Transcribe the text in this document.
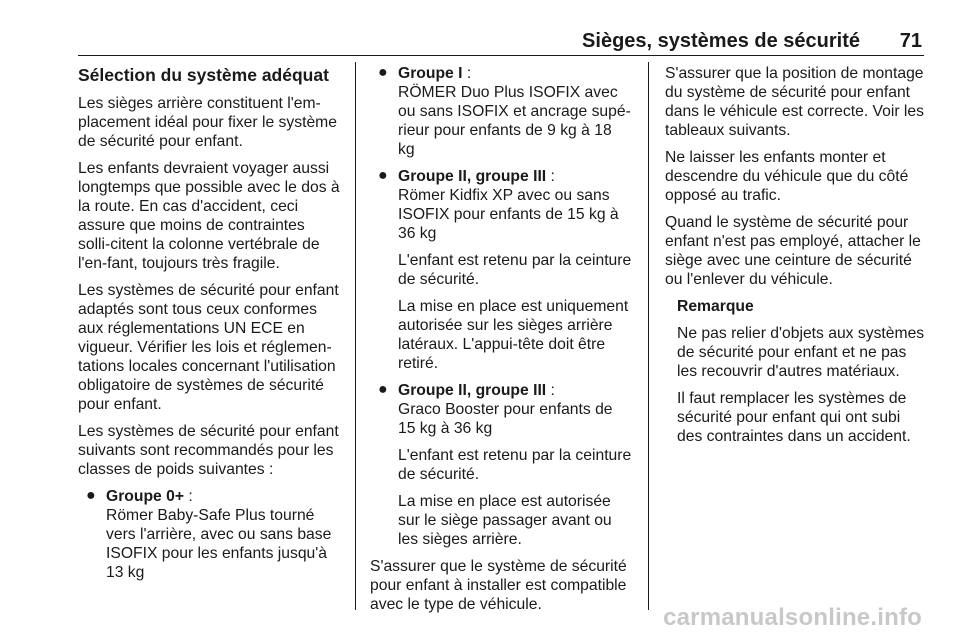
Sièges, systèmes de sécurité 71

Sélection du système adéquat

Les sièges arrière constituent l'em-placement idéal pour fixer le système de sécurité pour enfant.

Les enfants devraient voyager aussi longtemps que possible avec le dos à la route. En cas d'accident, ceci assure que moins de contraintes solli-citent la colonne vertébrale de l'en-fant, toujours très fragile.

Les systèmes de sécurité pour enfant adaptés sont tous ceux conformes aux réglementations UN ECE en vigueur. Vérifier les lois et réglemen-tations locales concernant l'utilisation obligatoire de systèmes de sécurité pour enfant.

Les systèmes de sécurité pour enfant suivants sont recommandés pour les classes de poids suivantes :

● Groupe 0+ :
Römer Baby-Safe Plus tourné vers l'arrière, avec ou sans base ISOFIX pour les enfants jusqu'à 13 kg
● Groupe I :
RÖMER Duo Plus ISOFIX avec ou sans ISOFIX et ancrage supé-rieur pour enfants de 9 kg à 18 kg
● Groupe II, groupe III :
Römer Kidfix XP avec ou sans ISOFIX pour enfants de 15 kg à 36 kg
L'enfant est retenu par la ceinture de sécurité.
La mise en place est uniquement autorisée sur les sièges arrière latéraux. L'appui-tête doit être retiré.
● Groupe II, groupe III :
Graco Booster pour enfants de 15 kg à 36 kg
L'enfant est retenu par la ceinture de sécurité.
La mise en place est autorisée sur le siège passager avant ou les sièges arrière.

S'assurer que le système de sécurité pour enfant à installer est compatible avec le type de véhicule.

S'assurer que la position de montage du système de sécurité pour enfant dans le véhicule est correcte. Voir les tableaux suivants.

Ne laisser les enfants monter et descendre du véhicule que du côté opposé au trafic.

Quand le système de sécurité pour enfant n'est pas employé, attacher le siège avec une ceinture de sécurité ou l'enlever du véhicule.

Remarque

Ne pas relier d'objets aux systèmes de sécurité pour enfant et ne pas les recouvrir d'autres matériaux.

Il faut remplacer les systèmes de sécurité pour enfant qui ont subi des contraintes dans un accident.

carmanualsonline.info
